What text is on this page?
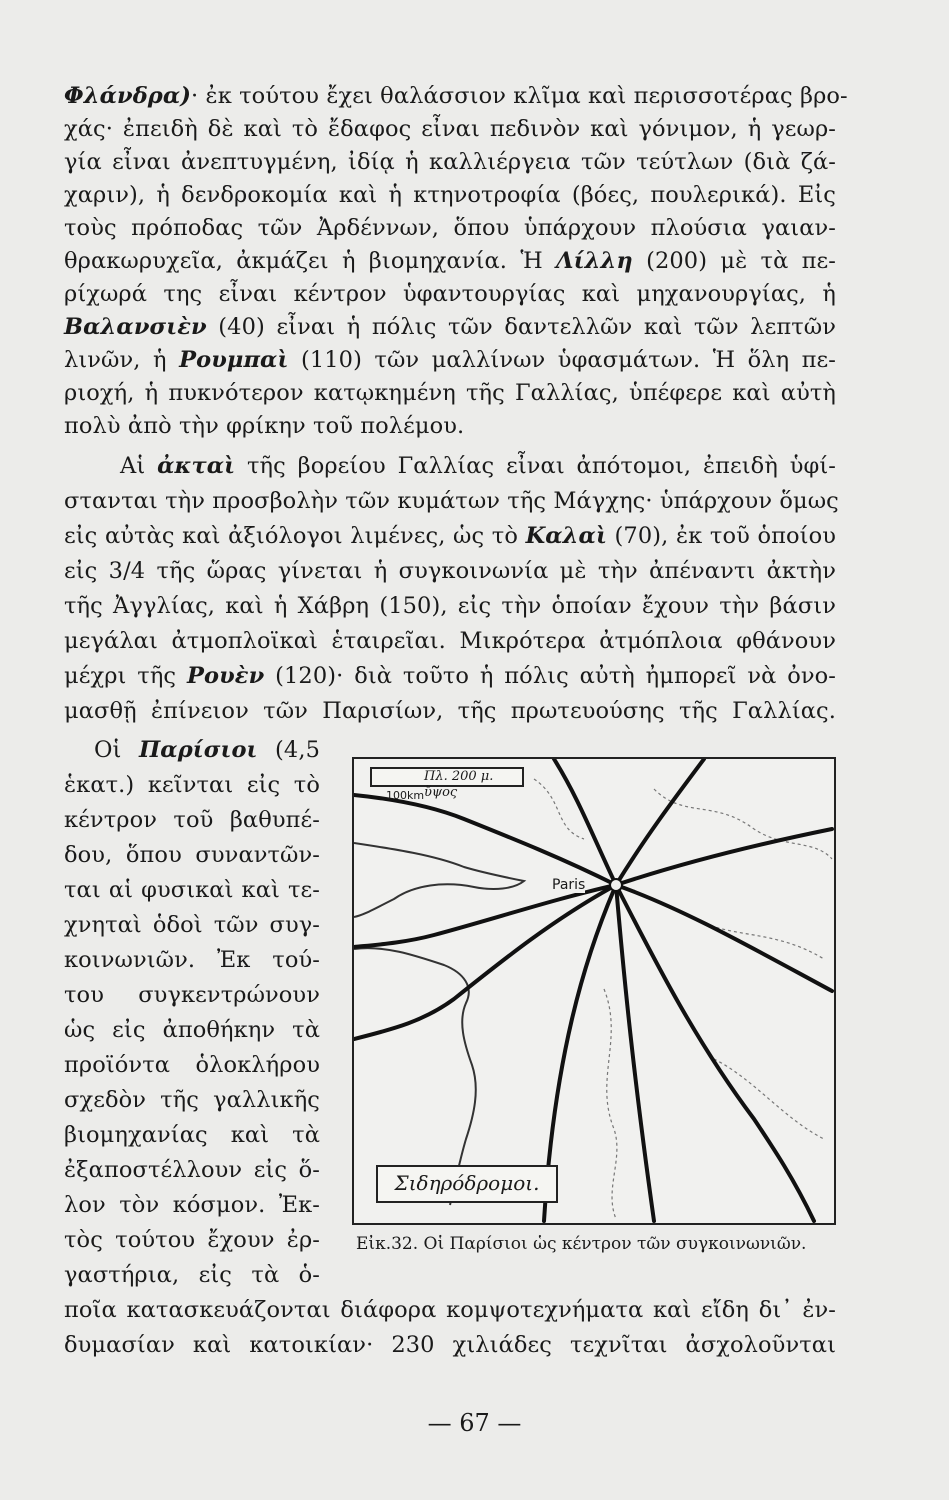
Φλάνδρα)· ἐκ τούτου ἔχει θαλάσσιον κλῖμα καὶ περισσοτέρας βρο-
χάς· ἐπειδὴ δὲ καὶ τὸ ἔδαφος εἶναι πεδινὸν καὶ γόνιμον, ἡ γεωρ-
γία εἶναι ἀνεπτυγμένη, ἰδίᾳ ἡ καλλιέργεια τῶν τεύτλων (διὰ ζά-
χαριν), ἡ δενδροκομία καὶ ἡ κτηνοτροφία (βόες, πουλερικά). Εἰς
τοὺς πρόποδας τῶν Ἀρδέννων, ὅπου ὑπάρχουν πλούσια γαιαν-
θρακωρυχεῖα, ἀκμάζει ἡ βιομηχανία. Ἡ Λίλλη (200) μὲ τὰ πε-
ρίχωρά της εἶναι κέντρον ὑφαντουργίας καὶ μηχανουργίας, ἡ
Βαλανσιὲν (40) εἶναι ἡ πόλις τῶν δαντελλῶν καὶ τῶν λεπτῶν
λινῶν, ἡ Ρουμπαὶ (110) τῶν μαλλίνων ὑφασμάτων. Ἡ ὅλη πε-
ριοχή, ἡ πυκνότερον κατῳκημένη τῆς Γαλλίας, ὑπέφερε καὶ αὐτὴ
πολὺ ἀπὸ τὴν φρίκην τοῦ πολέμου.
Αἱ ἀκταὶ τῆς βορείου Γαλλίας εἶναι ἀπότομοι, ἐπειδὴ ὑφί-
στανται τὴν προσβολὴν τῶν κυμάτων τῆς Μάγχης· ὑπάρχουν ὅμως
εἰς αὐτὰς καὶ ἀξιόλογοι λιμένες, ὡς τὸ Καλαὶ (70), ἐκ τοῦ ὁποίου
εἰς 3/4 τῆς ὥρας γίνεται ἡ συγκοινωνία μὲ τὴν ἀπέναντι ἀκτὴν
τῆς Ἀγγλίας, καὶ ἡ Χάβρη (150), εἰς τὴν ὁποίαν ἔχουν τὴν βάσιν
μεγάλαι ἀτμοπλοϊκαὶ ἑταιρεῖαι. Μικρότερα ἀτμόπλοια φθάνουν
μέχρι τῆς Ρουὲν (120)· διὰ τοῦτο ἡ πόλις αὐτὴ ἠμπορεῖ νὰ ὀνο-
μασθῇ ἐπίνειον τῶν Παρισίων, τῆς πρωτευούσης τῆς Γαλλίας.
Οἱ Παρίσιοι (4,5
ἑκατ.) κεῖνται εἰς τὸ
κέντρον τοῦ βαθυπέ-
δου, ὅπου συναντῶν-
ται αἱ φυσικαὶ καὶ τε-
χνηταὶ ὁδοὶ τῶν συγ-
κοινωνιῶν. Ἐκ τού-
του συγκεντρώνουν
ὡς εἰς ἀποθήκην τὰ
προϊόντα ὁλοκλήρου
σχεδὸν τῆς γαλλικῆς
βιομηχανίας καὶ τὰ
ἐξαποστέλλουν εἰς ὅ-
λον τὸν κόσμον. Ἐκ-
τὸς τούτου ἔχουν ἐρ-
γαστήρια, εἰς τὰ ὁ-
ποῖα κατασκευάζονται διάφορα κομψοτεχνήματα καὶ εἴδη δι᾽ ἐν-
δυμασίαν καὶ κατοικίαν· 230 χιλιάδες τεχνῖται ἀσχολοῦνται
Πλ. 200 μ. ὕψος
100km
Paris
Σιδηρόδρομοι.
Εἰκ.32. Οἱ Παρίσιοι ὡς κέντρον τῶν συγκοινωνιῶν.
— 67 —
